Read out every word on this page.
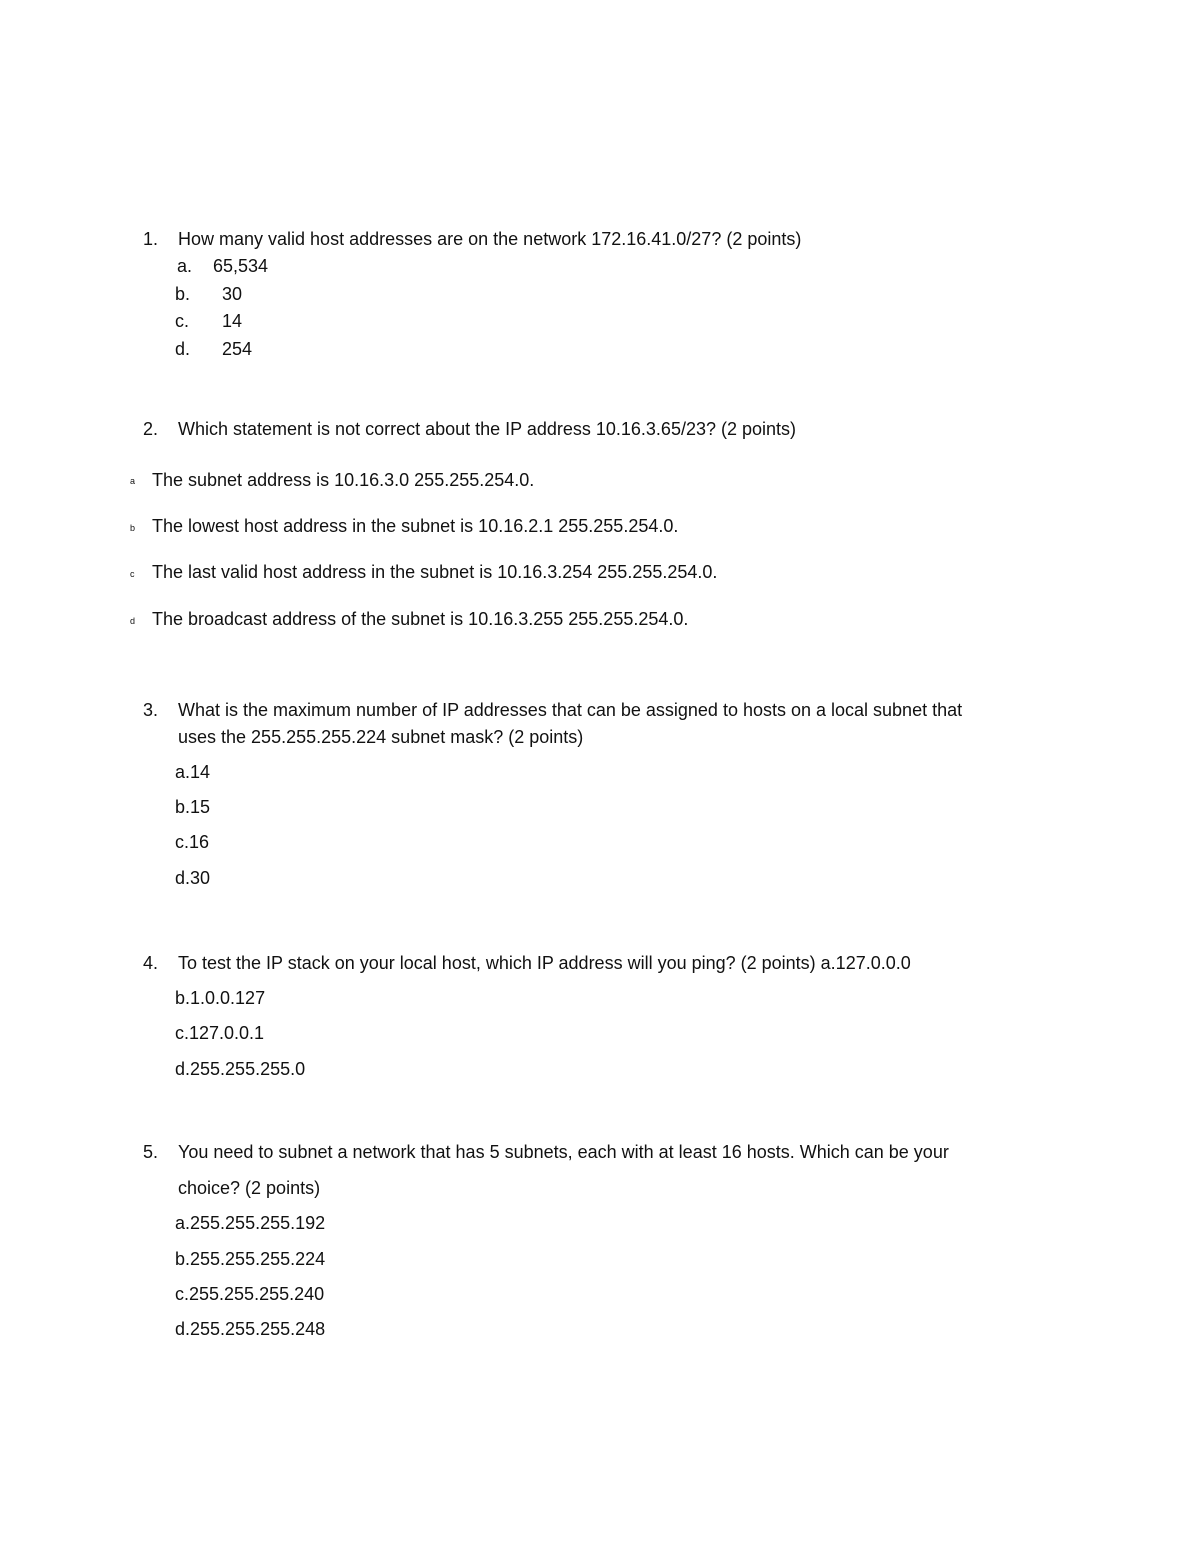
1. How many valid host addresses are on the network 172.16.41.0/27? (2 points)
a. 65,534
b. 30
c. 14
d. 254
2. Which statement is not correct about the IP address 10.16.3.65/23? (2 points)
a The subnet address is 10.16.3.0 255.255.254.0.
b The lowest host address in the subnet is 10.16.2.1 255.255.254.0.
c The last valid host address in the subnet is 10.16.3.254 255.255.254.0.
d The broadcast address of the subnet is 10.16.3.255 255.255.254.0.
3. What is the maximum number of IP addresses that can be assigned to hosts on a local subnet that
uses the 255.255.255.224 subnet mask? (2 points)
a.14
b.15
c.16
d.30
4. To test the IP stack on your local host, which IP address will you ping? (2 points) a.127.0.0.0
b.1.0.0.127
c.127.0.0.1
d.255.255.255.0
5. You need to subnet a network that has 5 subnets, each with at least 16 hosts. Which can be your
choice? (2 points)
a.255.255.255.192
b.255.255.255.224
c.255.255.255.240
d.255.255.255.248
